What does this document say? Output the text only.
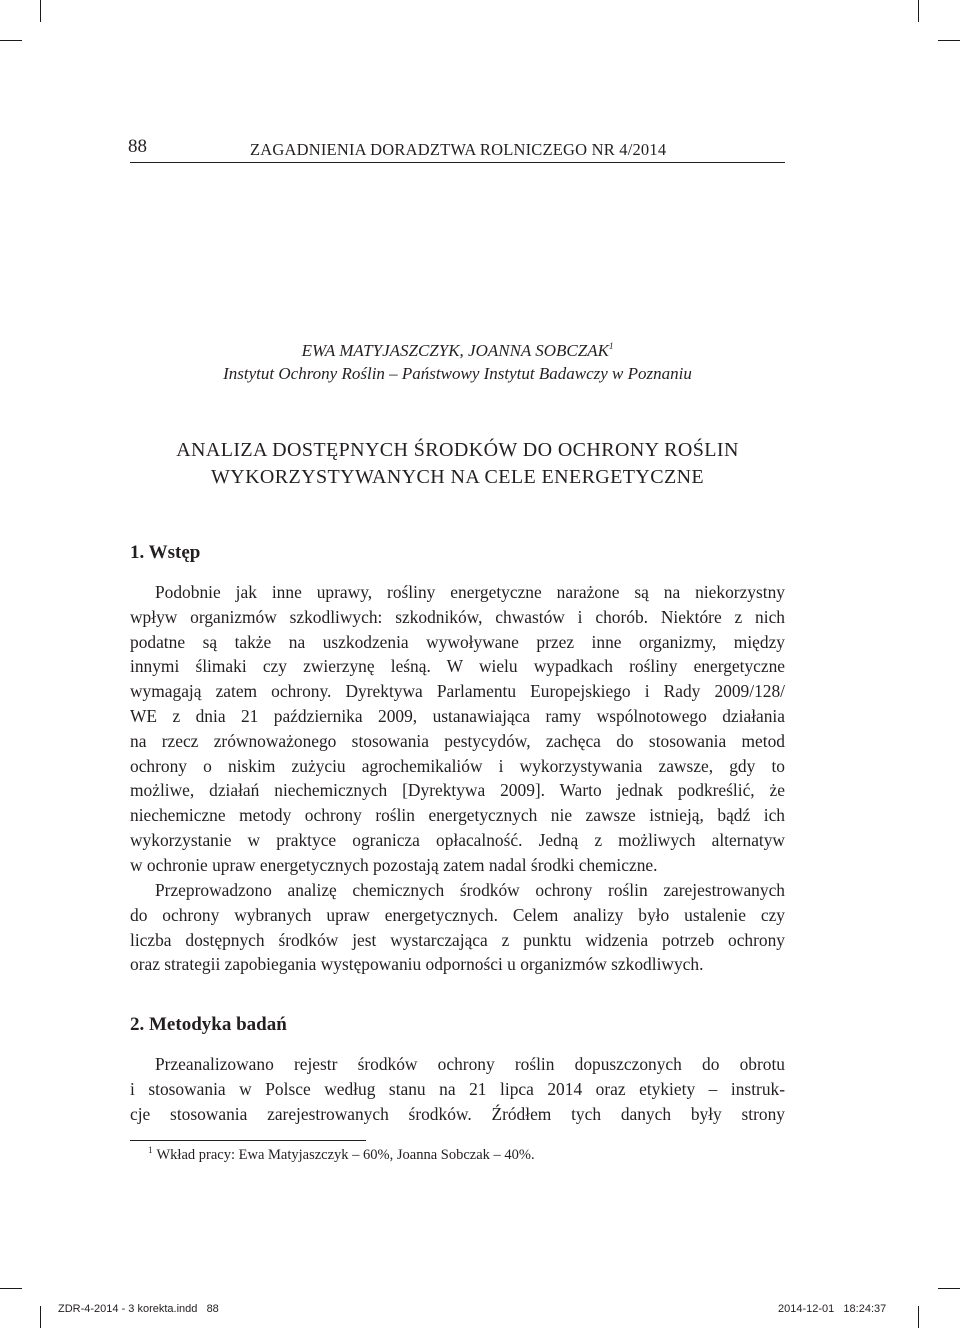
88	ZAGADNIENIA DORADZTWA ROLNICZEGO NR 4/2014
EWA MATYJASZCZYK, JOANNA SOBCZAK$^1$
Instytut Ochrony Roślin – Państwowy Instytut Badawczy w Poznaniu
ANALIZA DOSTĘPNYCH ŚRODKÓW DO OCHRONY ROŚLIN
WYKORZYSTYWANYCH NA CELE ENERGETYCZNE
1. Wstęp
Podobnie jak inne uprawy, rośliny energetyczne narażone są na niekorzystny
wpływ organizmów szkodliwych: szkodników, chwastów i chorób. Niektóre z nich
podatne są także na uszkodzenia wywoływane przez inne organizmy, między
innymi ślimaki czy zwierzynę leśną. W wielu wypadkach rośliny energetyczne
wymagają zatem ochrony. Dyrektywa Parlamentu Europejskiego i Rady 2009/128/
WE z dnia 21 października 2009, ustanawiająca ramy wspólnotowego działania
na rzecz zrównoważonego stosowania pestycydów, zachęca do stosowania metod
ochrony o niskim zużyciu agrochemikaliów i wykorzystywania zawsze, gdy to
możliwe, działań niechemicznych [Dyrektywa 2009]. Warto jednak podkreślić, że
niechemiczne metody ochrony roślin energetycznych nie zawsze istnieją, bądź ich
wykorzystanie w praktyce ogranicza opłacalność. Jedną z możliwych alternatyw
w ochronie upraw energetycznych pozostają zatem nadal środki chemiczne.
Przeprowadzono analizę chemicznych środków ochrony roślin zarejestrowanych
do ochrony wybranych upraw energetycznych. Celem analizy było ustalenie czy
liczba dostępnych środków jest wystarczająca z punktu widzenia potrzeb ochrony
oraz strategii zapobiegania występowaniu odporności u organizmów szkodliwych.
2. Metodyka badań
Przeanalizowano rejestr środków ochrony roślin dopuszczonych do obrotu
i stosowania w Polsce według stanu na 21 lipca 2014 oraz etykiety – instruk-
cje stosowania zarejestrowanych środków. Źródłem tych danych były strony
$^1$ Wkład pracy: Ewa Matyjaszczyk – 60%, Joanna Sobczak – 40%.
ZDR-4-2014 - 3 korekta.indd   88	2014-12-01   18:24:37
